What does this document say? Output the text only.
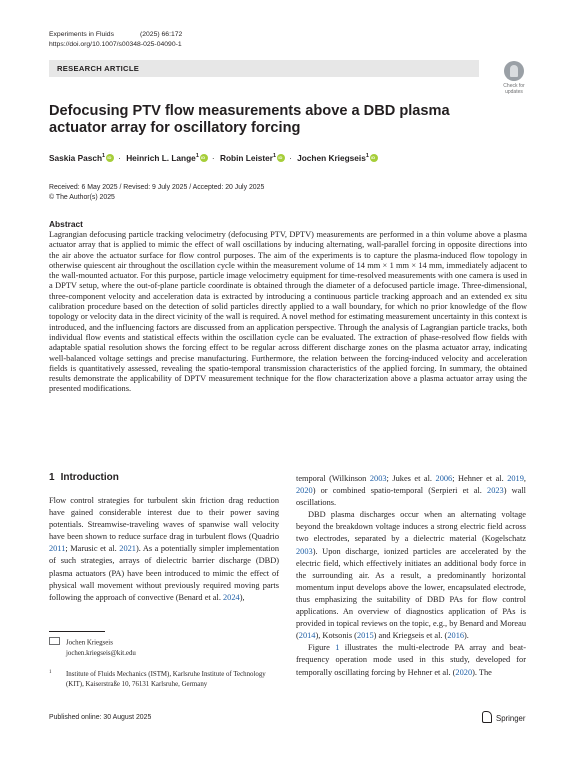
Experiments in Fluids	(2025) 66:172
https://doi.org/10.1007/s00348-025-04090-1
RESEARCH ARTICLE
Check for
updates
Defocusing PTV flow measurements above a DBD plasma actuator array for oscillatory forcing
Saskia Pasch$^1$ iD · Heinrich L. Lange$^1$ iD · Robin Leister$^1$ iD · Jochen Kriegseis$^1$iD
Received: 6 May 2025 / Revised: 9 July 2025 / Accepted: 20 July 2025
© The Author(s) 2025
Abstract
Lagrangian defocusing particle tracking velocimetry (defocusing PTV, DPTV) measurements are performed in a thin volume above a plasma actuator array that is applied to mimic the effect of wall oscillations by inducing alternating, wall-parallel forcing in opposite directions into the air above the actuator surface for flow control purposes. The aim of the experiments is to capture the plasma-induced flow topology in otherwise quiescent air throughout the oscillation cycle within the measurement volume of 14 mm × 1 mm × 14 mm, immediately adjacent to the wall-mounted actuator. For this purpose, particle image velocimetry equipment for time-resolved measurements with one camera is used in a DPTV setup, where the out-of-plane particle coordinate is obtained through the diameter of a defocused particle image. Three-dimensional, three-component velocity and acceleration data is extracted by introducing a continuous particle tracking approach and an extended ex situ calibration procedure based on the detection of solid particles directly applied to a wall boundary, for which no prior knowledge of the flow topology or velocity data in the direct vicinity of the wall is required. A novel method for estimating measurement uncertainty in this context is introduced, and the influencing factors are discussed from an application perspective. Through the analysis of Lagrangian particle tracks, both individual flow events and statistical effects within the oscillation cycle can be evaluated. The extraction of phase-resolved flow fields with adaptable spatial resolution shows the forcing effect to be regular across different discharge zones on the plasma actuator array, indicating well-balanced voltage settings and precise manufacturing. Furthermore, the relation between the forcing-induced velocity and acceleration fields is quantitatively assessed, revealing the spatio-temporal transmission characteristics of the applied forcing. In summary, the obtained results demonstrate the applicability of DPTV measurement technique for the flow characterization above a plasma actuator array using the presented modifications.
1 Introduction

Flow control strategies for turbulent skin friction drag reduction have gained considerable interest due to their power saving potentials. Streamwise-traveling waves of spanwise wall velocity have been shown to reduce surface drag in turbulent flows (Quadrio 2011; Marusic et al. 2021). As a potentially simpler implementation of such strategies, arrays of dielectric barrier discharge (DBD) plasma actuators (PA) have been introduced to mimic the effect of physical wall movement without previously required moving parts following the approach of convective (Benard et al. 2024),

temporal (Wilkinson 2003; Jukes et al. 2006; Hehner et al. 2019, 2020) or combined spatio-temporal (Serpieri et al. 2023) wall oscillations.

DBD plasma discharges occur when an alternating voltage beyond the breakdown voltage induces a strong electric field across two electrodes, separated by a dielectric material (Kogelschatz 2003). Upon discharge, ionized particles are accelerated by the electric field, which effectively initiates an additional body force in the surrounding air. As a result, a predominantly horizontal momentum input develops above the lower, encapsulated electrode, thus emphasizing the suitability of DBD PAs for flow control applications. An overview of diagnostics application of PAs is provided in topical reviews on the topic, e.g., by Benard and Moreau (2014), Kotsonis (2015) and Kriegseis et al. (2016).

Figure 1 illustrates the multi-electrode PA array and beat-frequency operation mode used in this study, developed for temporally oscillating forcing by Hehner et al. (2020). The

Jochen Kriegseis
jochen.kriegseis@kit.edu
1 Institute of Fluids Mechanics (ISTM), Karlsruhe Institute of Technology (KIT), Kaiserstraße 10, 76131 Karlsruhe, Germany
Published online: 30 August 2025	Springer
